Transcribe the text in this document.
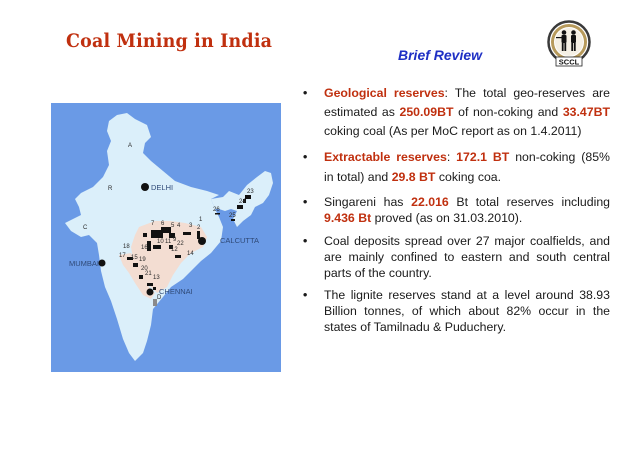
Coal Mining in India
Brief Review	SCCL
DELHI
CALCUTTA
MUMBAI
CHENNAI
A
R
C
D
1
2
3
4
5
6
7
9
10 11
12
13
14
15
16
17
18
19
20
21
22
23
24
25
26
• Geological reserves: The total geo-reserves are estimated as 250.09BT of non-coking and 33.47BT coking coal (As per MoC report as on 1.4.2011)
• Extractable reserves: 172.1 BT non-coking (85% in total) and 29.8 BT coking coa.
• Singareni has 22.016 Bt total reserves including 9.436 Bt proved (as on 31.03.2010).
• Coal deposits spread over 27 major coalfields, and are mainly confined to eastern and south central parts of the country.
• The lignite reserves stand at a level around 38.93 Billion tonnes, of which about 82% occur in the states of Tamilnadu & Puduchery.
